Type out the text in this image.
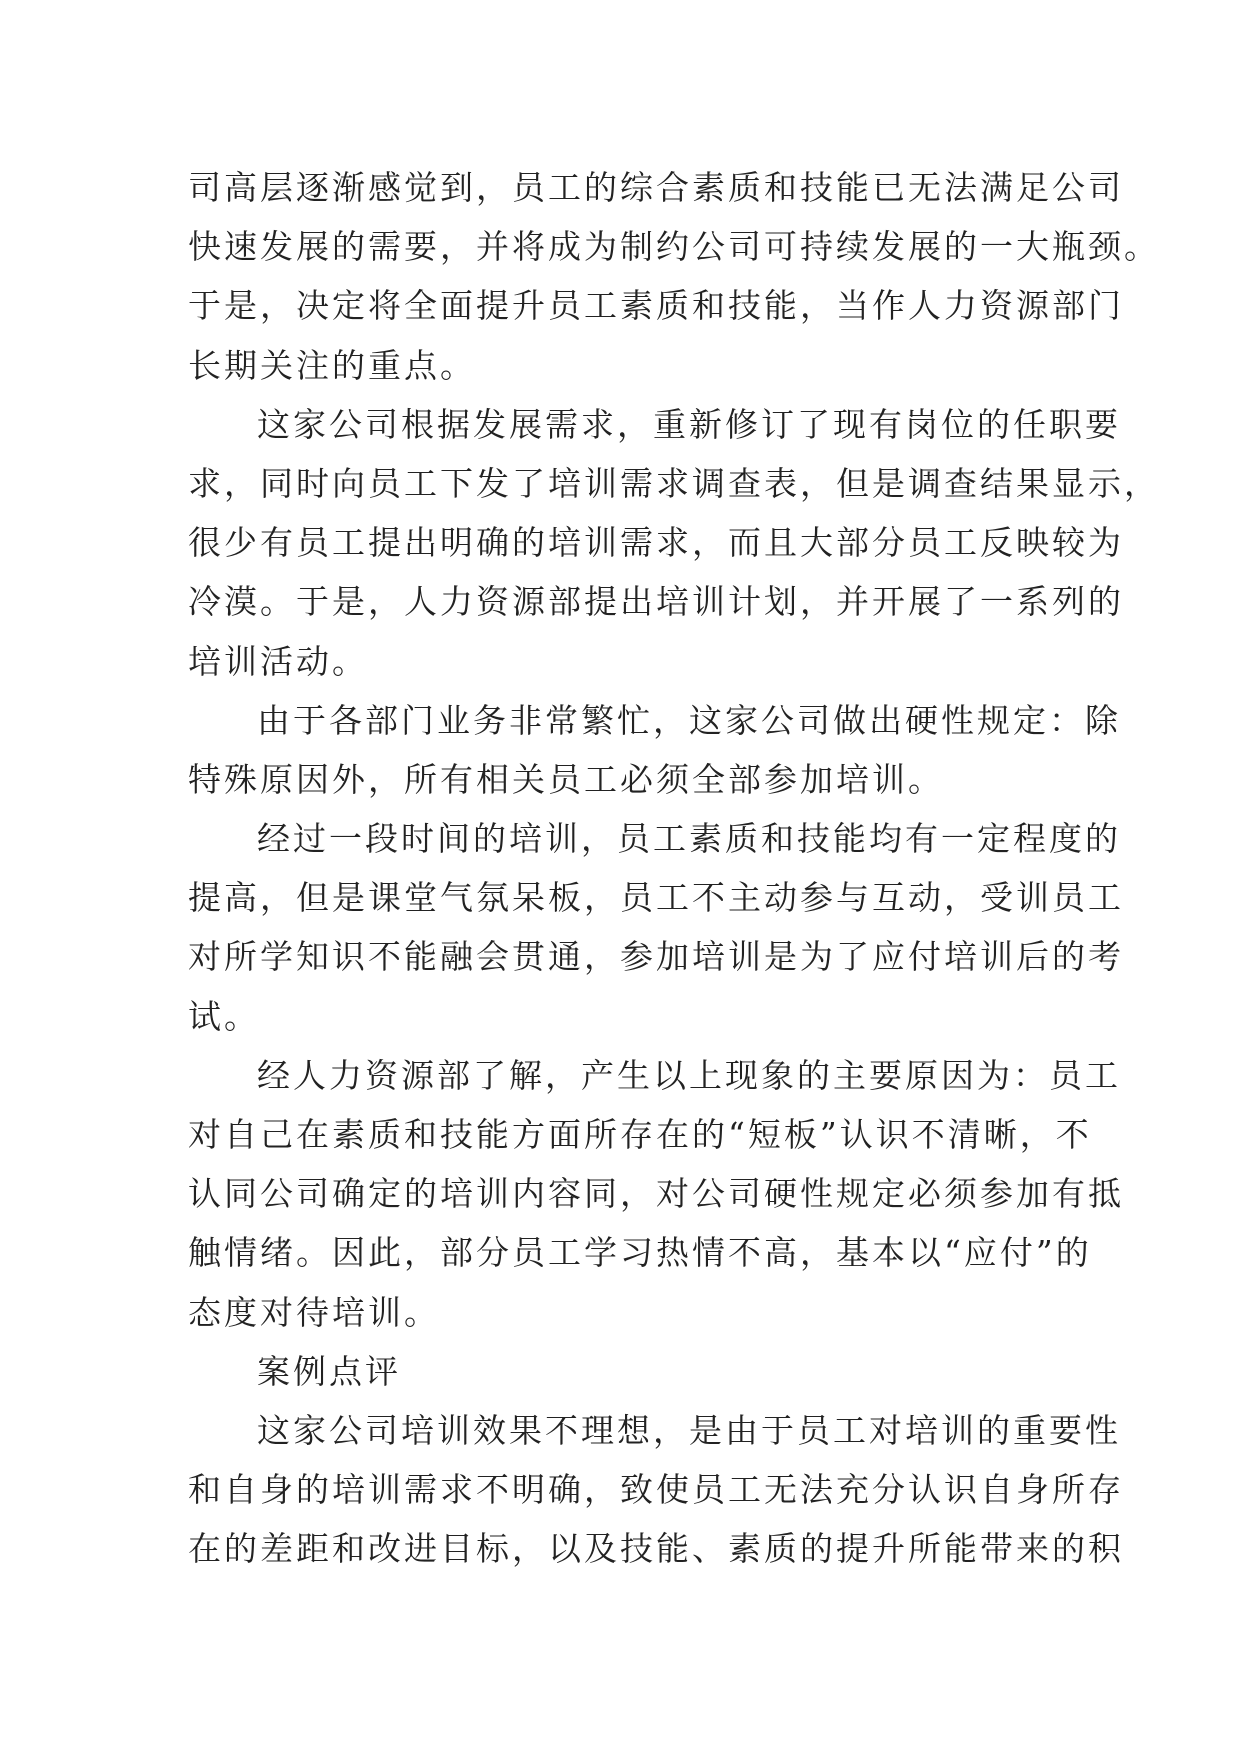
司高层逐渐感觉到，员工的综合素质和技能已无法满足公司
快速发展的需要，并将成为制约公司可持续发展的一大瓶颈。
于是，决定将全面提升员工素质和技能，当作人力资源部门
长期关注的重点。
这家公司根据发展需求，重新修订了现有岗位的任职要
求，同时向员工下发了培训需求调查表，但是调查结果显示，
很少有员工提出明确的培训需求，而且大部分员工反映较为
冷漠。于是，人力资源部提出培训计划，并开展了一系列的
培训活动。
由于各部门业务非常繁忙，这家公司做出硬性规定：除
特殊原因外，所有相关员工必须全部参加培训。
经过一段时间的培训，员工素质和技能均有一定程度的
提高，但是课堂气氛呆板，员工不主动参与互动，受训员工
对所学知识不能融会贯通，参加培训是为了应付培训后的考
试。
经人力资源部了解，产生以上现象的主要原因为：员工
对自己在素质和技能方面所存在的“短板”认识不清晰，不
认同公司确定的培训内容同，对公司硬性规定必须参加有抵
触情绪。因此，部分员工学习热情不高，基本以“应付”的
态度对待培训。
案例点评
这家公司培训效果不理想，是由于员工对培训的重要性
和自身的培训需求不明确，致使员工无法充分认识自身所存
在的差距和改进目标，以及技能、素质的提升所能带来的积
